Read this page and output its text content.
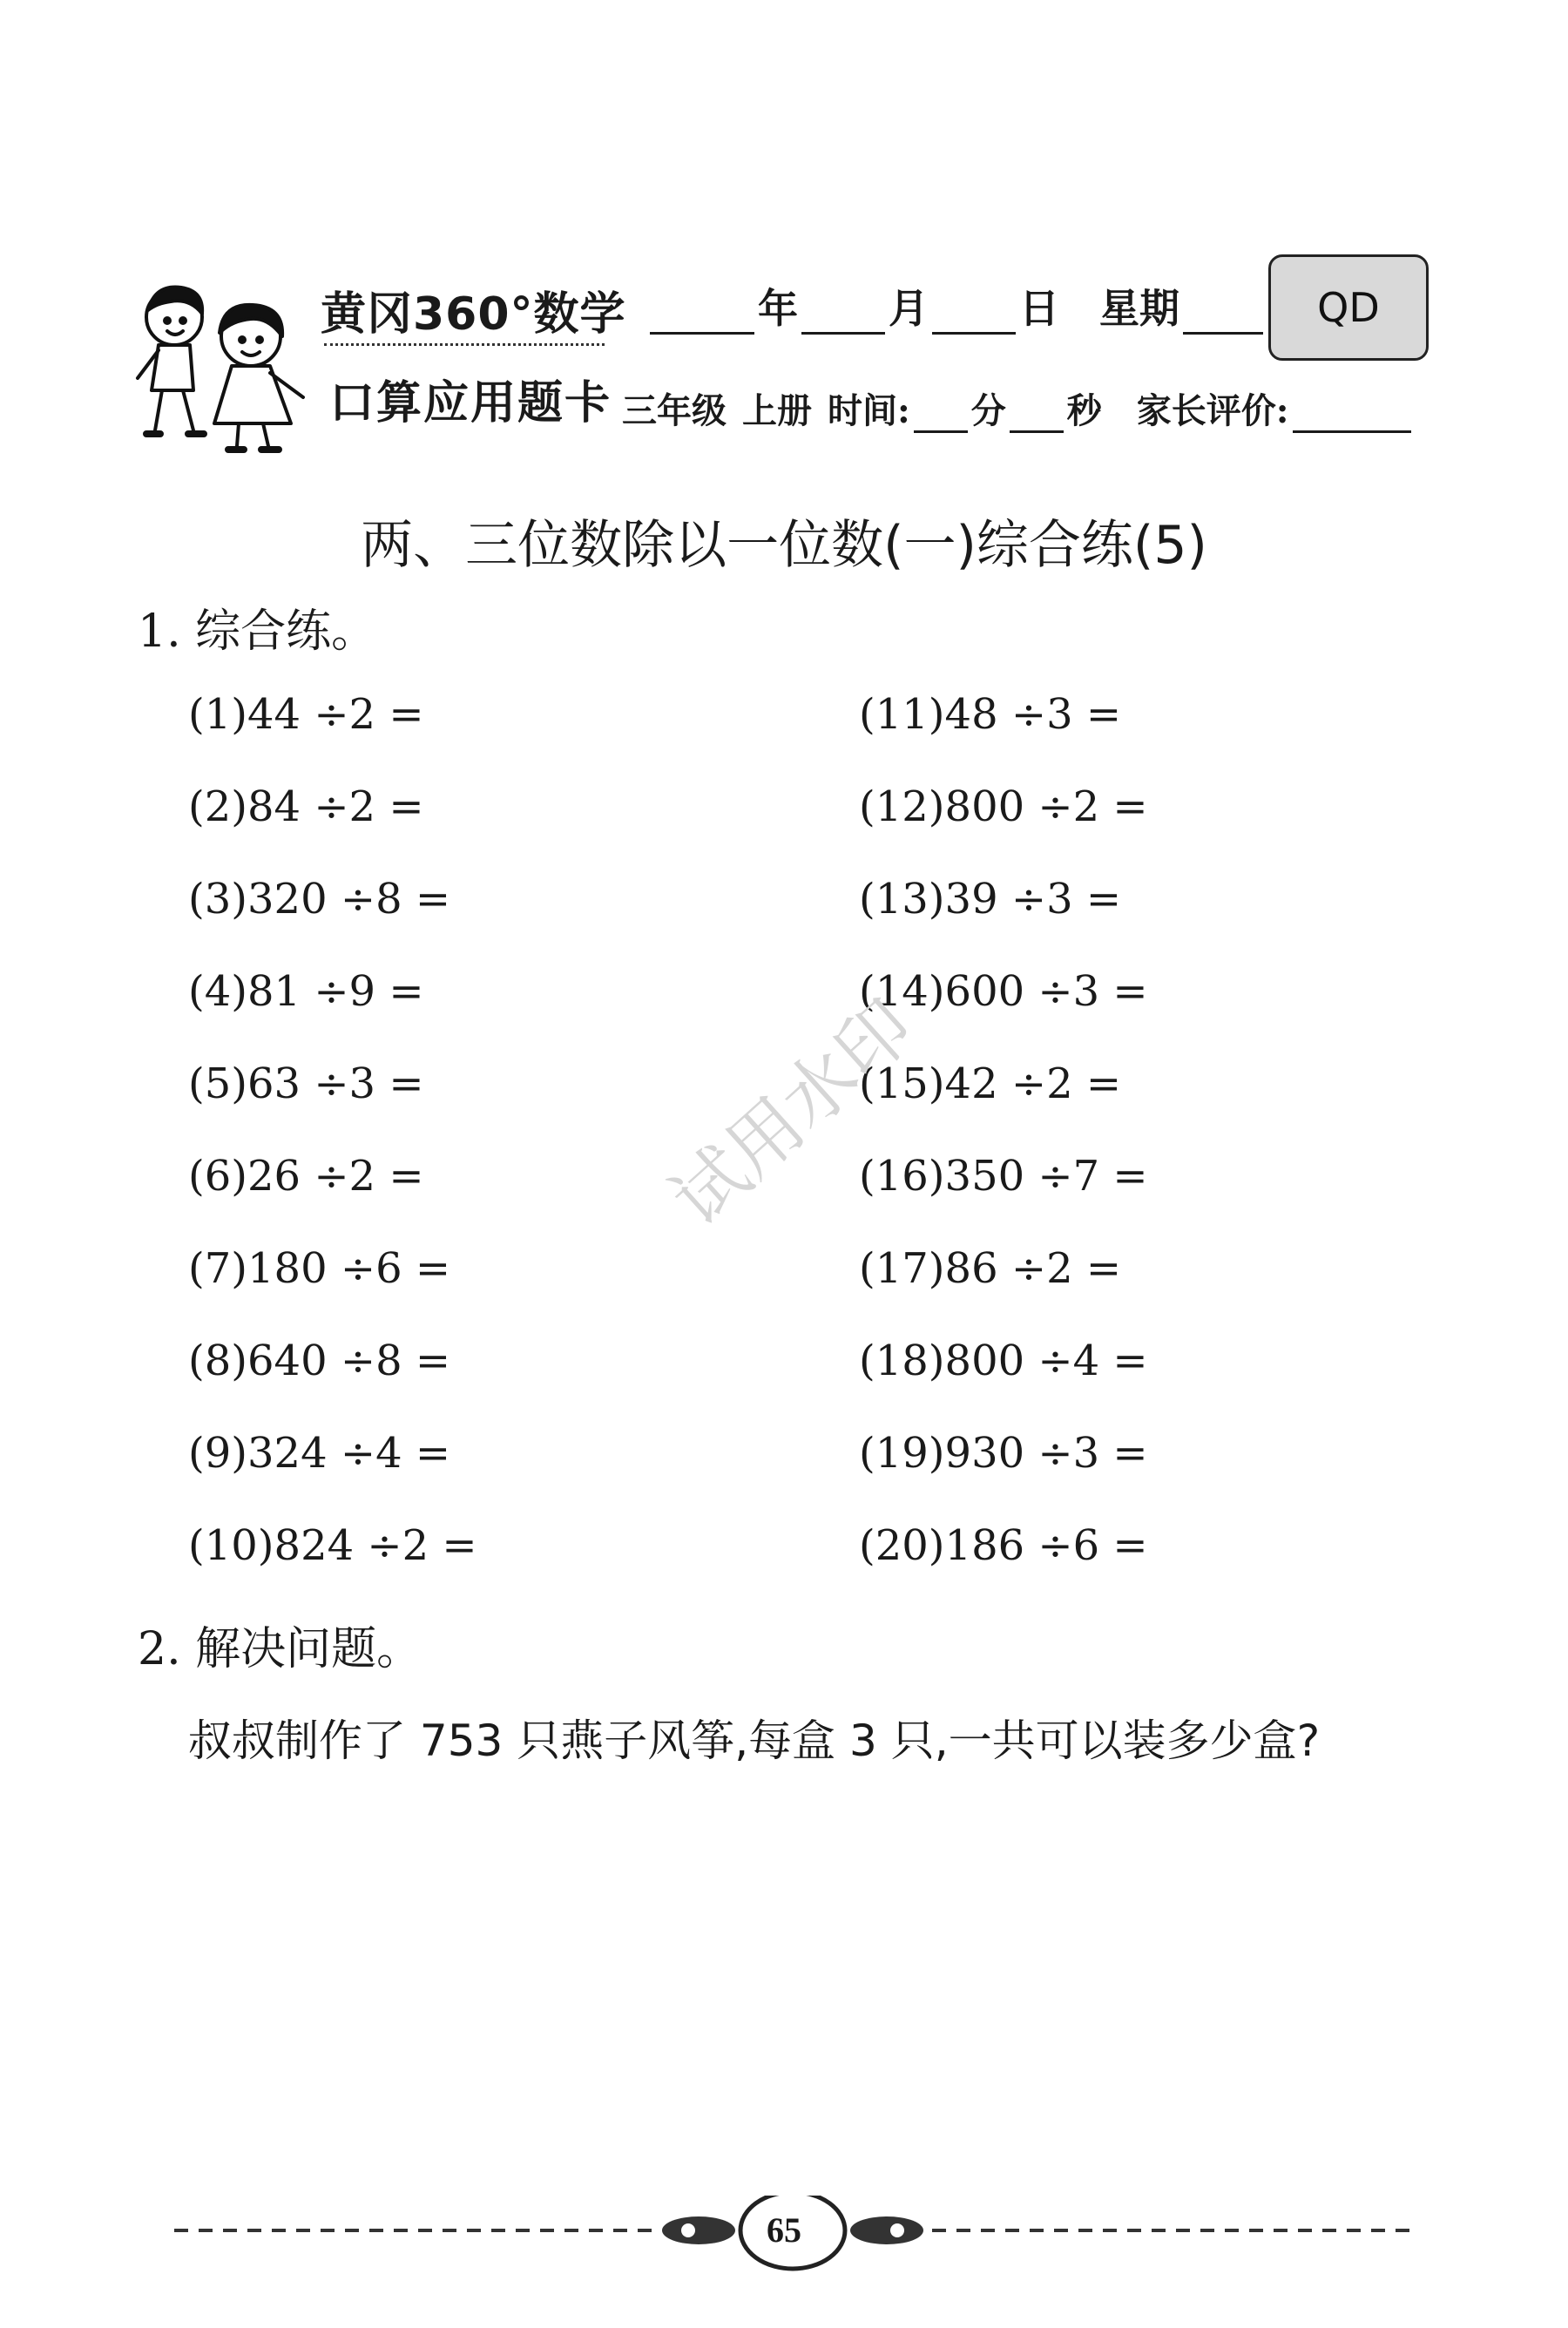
黄冈360°数学
口算应用题卡
年 月 日 星期	QD
三年级 上册 时间: 分 秒 家长评价:
两、三位数除以一位数(一)综合练(5)
1. 综合练。
(1)44 ÷2 =
(2)84 ÷2 =
(3)320 ÷8 =
(4)81 ÷9 =
(5)63 ÷3 =
(6)26 ÷2 =
(7)180 ÷6 =
(8)640 ÷8 =
(9)324 ÷4 =
(10)824 ÷2 =
(11)48 ÷3 =
(12)800 ÷2 =
(13)39 ÷3 =
(14)600 ÷3 =
(15)42 ÷2 =
(16)350 ÷7 =
(17)86 ÷2 =
(18)800 ÷4 =
(19)930 ÷3 =
(20)186 ÷6 =
2. 解决问题。
叔叔制作了 753 只燕子风筝,每盒 3 只,一共可以装多少盒?
试用水印
65
